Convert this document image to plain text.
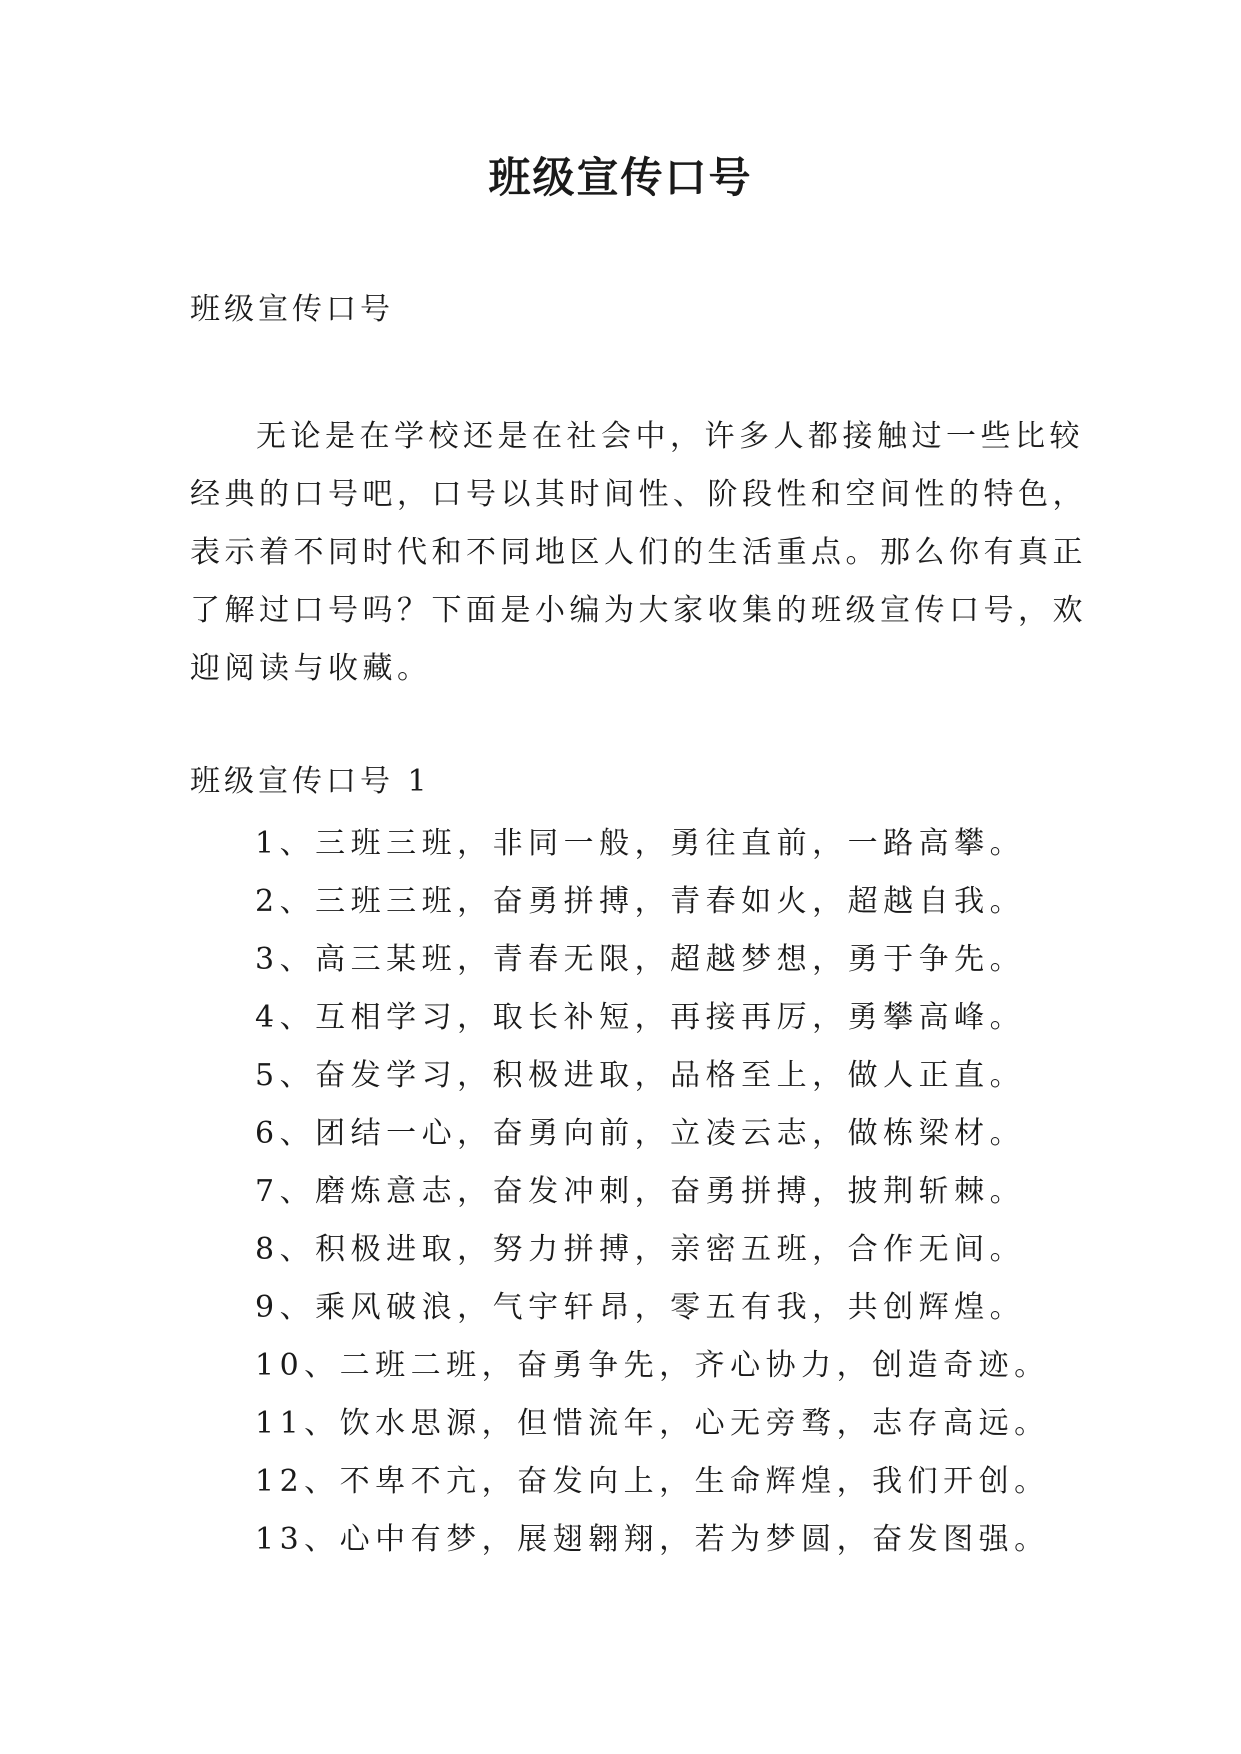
班级宣传口号

班级宣传口号

无论是在学校还是在社会中，许多人都接触过一些比较经典的口号吧，口号以其时间性、阶段性和空间性的特色，表示着不同时代和不同地区人们的生活重点。那么你有真正了解过口号吗？下面是小编为大家收集的班级宣传口号，欢迎阅读与收藏。

班级宣传口号 1

1、三班三班，非同一般，勇往直前，一路高攀。
2、三班三班，奋勇拼搏，青春如火，超越自我。
3、高三某班，青春无限，超越梦想，勇于争先。
4、互相学习，取长补短，再接再厉，勇攀高峰。
5、奋发学习，积极进取，品格至上，做人正直。
6、团结一心，奋勇向前，立凌云志，做栋梁材。
7、磨炼意志，奋发冲刺，奋勇拼搏，披荆斩棘。
8、积极进取，努力拼搏，亲密五班，合作无间。
9、乘风破浪，气宇轩昂，零五有我，共创辉煌。
10、二班二班，奋勇争先，齐心协力，创造奇迹。
11、饮水思源，但惜流年，心无旁骛，志存高远。
12、不卑不亢，奋发向上，生命辉煌，我们开创。
13、心中有梦，展翅翱翔，若为梦圆，奋发图强。
